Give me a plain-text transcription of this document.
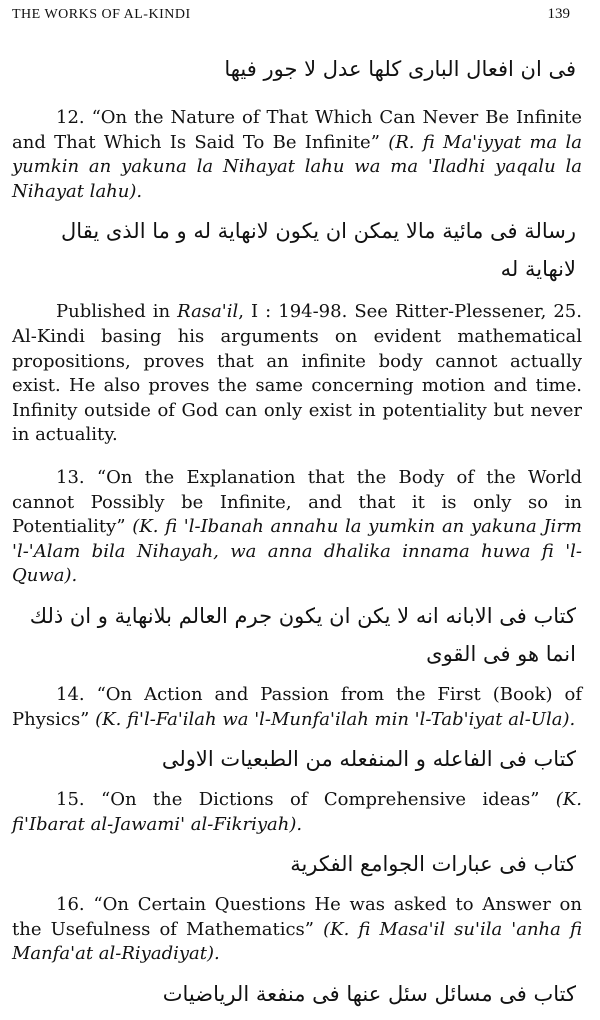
THE WORKS OF AL-KINDI	139

فى ان افعال البارى كلها عدل لا جور فيها

12. “On the Nature of That Which Can Never Be Infinite and That Which Is Said To Be Infinite” (R. fi Ma'iyyat ma la yumkin an yakuna la Nihayat lahu wa ma 'Iladhi yaqalu la Nihayat lahu).

رسالة فى مائية مالا يمكن ان يكون لانهاية له و ما الذى يقال
لانهاية له

Published in Rasa'il, I : 194-98. See Ritter-Plessener, 25. Al-Kindi basing his arguments on evident mathematical propositions, proves that an infinite body cannot actually exist. He also proves the same concerning motion and time. Infinity outside of God can only exist in potentiality but never in actuality.

13. “On the Explanation that the Body of the World cannot Possibly be Infinite, and that it is only so in Potentiality” (K. fi 'l-Ibanah annahu la yumkin an yakuna Jirm 'l-'Alam bila Nihayah, wa anna dhalika innama huwa fi 'l-Quwa).

كتاب فى الابانه انه لا يكن ان يكون جرم العالم بلانهاية و ان ذلك
انما هو فى القوى

14. “On Action and Passion from the First (Book) of Physics” (K. fi'l-Fa'ilah wa 'l-Munfa'ilah min 'l-Tab'iyat al-Ula).

كتاب فى الفاعله و المنفعله من الطبعيات الاولى

15. “On the Dictions of Comprehensive ideas” (K. fi'Ibarat al-Jawami' al-Fikriyah).

كتاب فى عبارات الجوامع الفكرية

16. “On Certain Questions He was asked to Answer on the Usefulness of Mathematics” (K. fi Masa'il su'ila 'anha fi Manfa'at al-Riyadiyat).

كتاب فى مسائل سئل عنها فى منفعة الرياضيات
